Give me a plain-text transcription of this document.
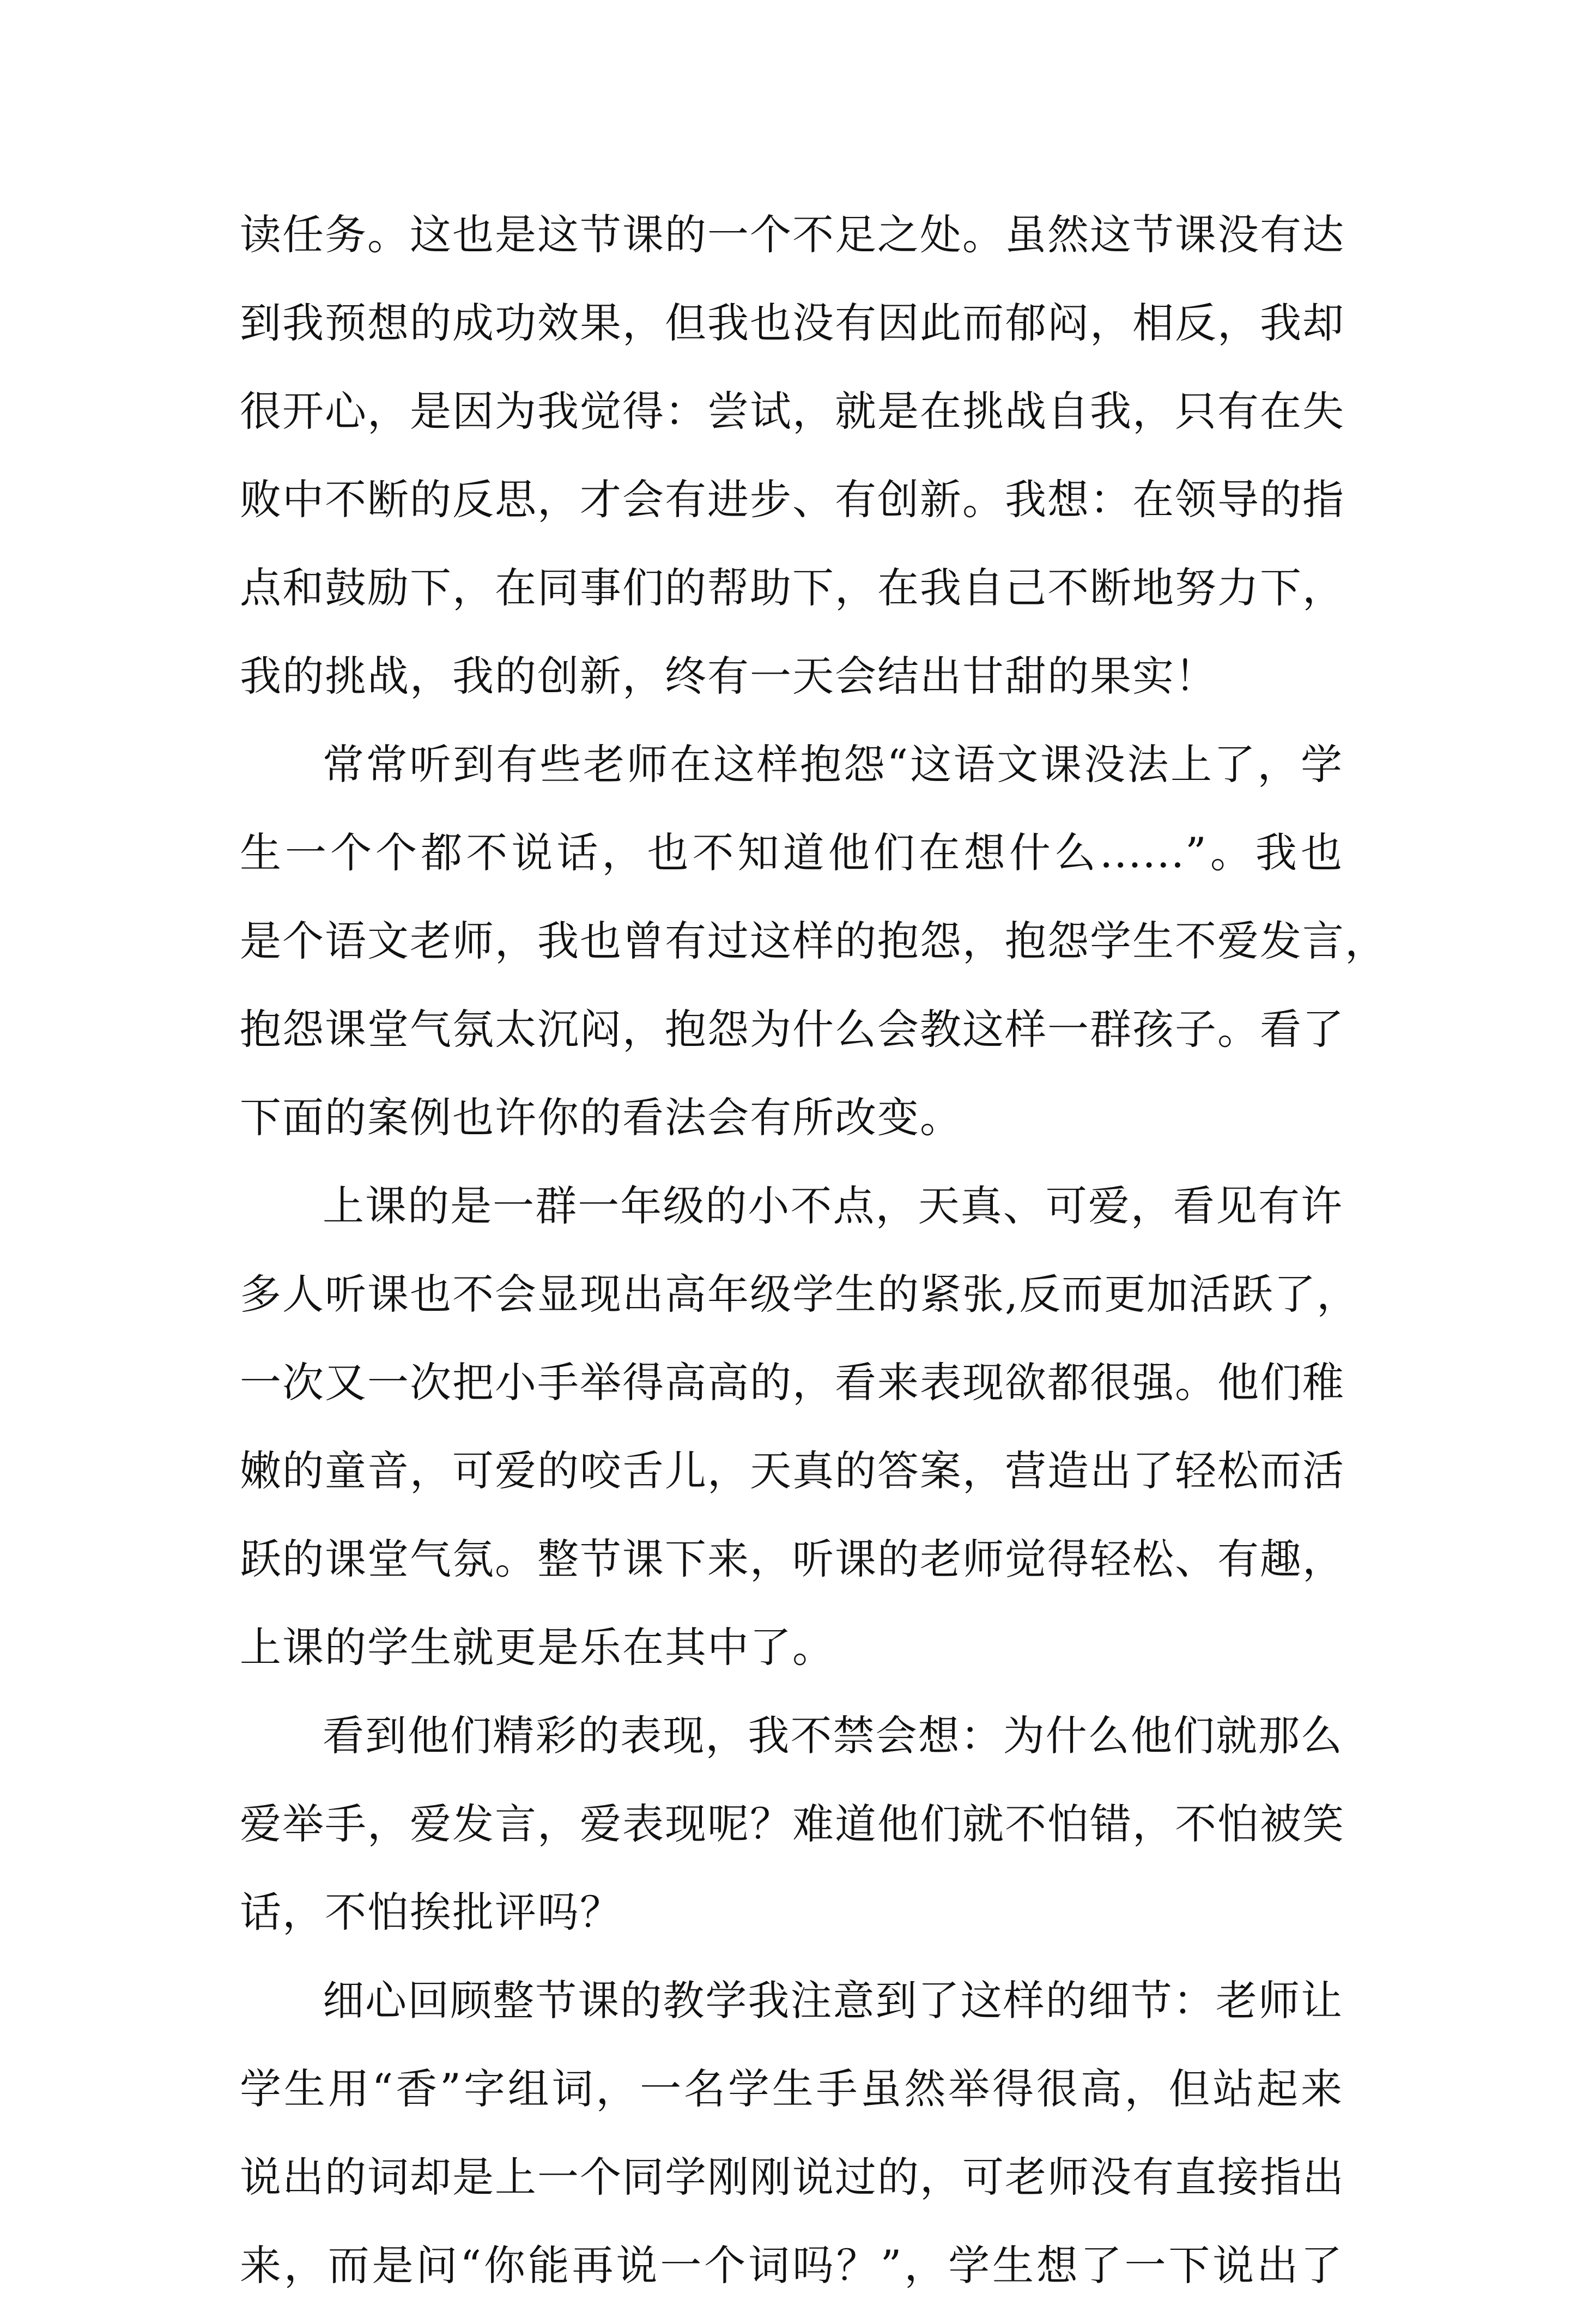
读任务。这也是这节课的一个不足之处。虽然这节课没有达
到我预想的成功效果，但我也没有因此而郁闷，相反，我却
很开心，是因为我觉得：尝试，就是在挑战自我，只有在失
败中不断的反思，才会有进步、有创新。我想：在领导的指
点和鼓励下，在同事们的帮助下，在我自己不断地努力下，
我的挑战，我的创新，终有一天会结出甘甜的果实！
常常听到有些老师在这样抱怨“这语文课没法上了，学
生一个个都不说话，也不知道他们在想什么......”。我也
是个语文老师，我也曾有过这样的抱怨，抱怨学生不爱发言，
抱怨课堂气氛太沉闷，抱怨为什么会教这样一群孩子。看了
下面的案例也许你的看法会有所改变。
上课的是一群一年级的小不点，天真、可爱，看见有许
多人听课也不会显现出高年级学生的紧张,反而更加活跃了，
一次又一次把小手举得高高的，看来表现欲都很强。他们稚
嫩的童音，可爱的咬舌儿，天真的答案，营造出了轻松而活
跃的课堂气氛。整节课下来，听课的老师觉得轻松、有趣，
上课的学生就更是乐在其中了。
看到他们精彩的表现，我不禁会想：为什么他们就那么
爱举手，爱发言，爱表现呢？难道他们就不怕错，不怕被笑
话，不怕挨批评吗？
细心回顾整节课的教学我注意到了这样的细节：老师让
学生用“香”字组词，一名学生手虽然举得很高，但站起来
说出的词却是上一个同学刚刚说过的，可老师没有直接指出
来，而是问“你能再说一个词吗？”，学生想了一下说出了
